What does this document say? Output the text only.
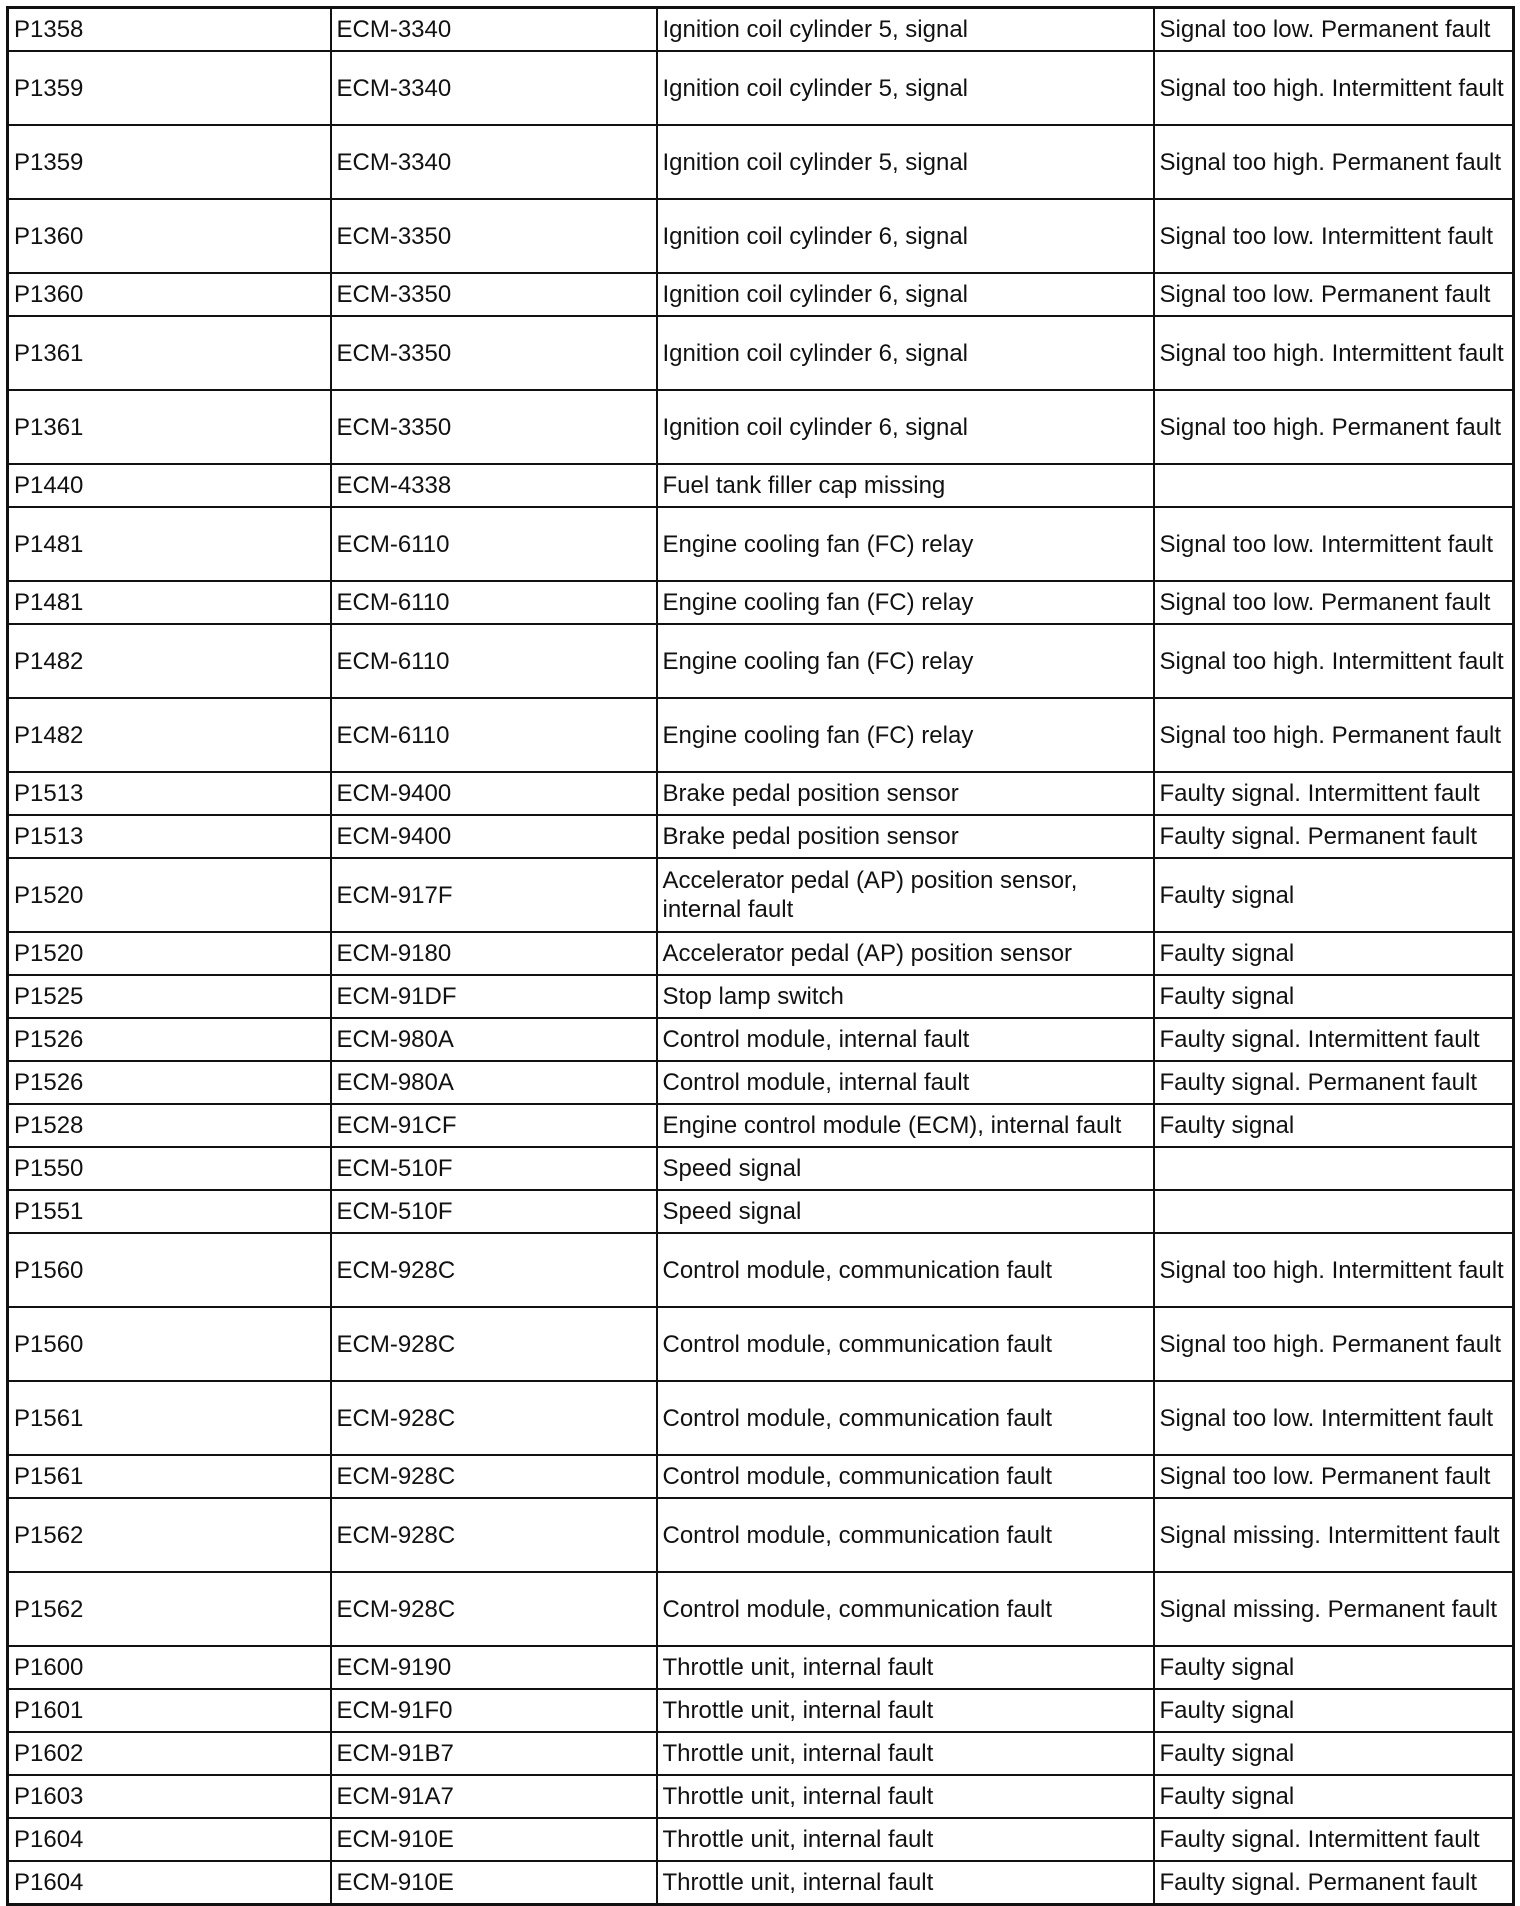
P1358	ECM-3340	Ignition coil cylinder 5, signal	Signal too low. Permanent fault
P1359	ECM-3340	Ignition coil cylinder 5, signal	Signal too high. Intermittent fault
P1359	ECM-3340	Ignition coil cylinder 5, signal	Signal too high. Permanent fault
P1360	ECM-3350	Ignition coil cylinder 6, signal	Signal too low. Intermittent fault
P1360	ECM-3350	Ignition coil cylinder 6, signal	Signal too low. Permanent fault
P1361	ECM-3350	Ignition coil cylinder 6, signal	Signal too high. Intermittent fault
P1361	ECM-3350	Ignition coil cylinder 6, signal	Signal too high. Permanent fault
P1440	ECM-4338	Fuel tank filler cap missing	
P1481	ECM-6110	Engine cooling fan (FC) relay	Signal too low. Intermittent fault
P1481	ECM-6110	Engine cooling fan (FC) relay	Signal too low. Permanent fault
P1482	ECM-6110	Engine cooling fan (FC) relay	Signal too high. Intermittent fault
P1482	ECM-6110	Engine cooling fan (FC) relay	Signal too high. Permanent fault
P1513	ECM-9400	Brake pedal position sensor	Faulty signal. Intermittent fault
P1513	ECM-9400	Brake pedal position sensor	Faulty signal. Permanent fault
P1520	ECM-917F	Accelerator pedal (AP) position sensor, internal fault	Faulty signal
P1520	ECM-9180	Accelerator pedal (AP) position sensor	Faulty signal
P1525	ECM-91DF	Stop lamp switch	Faulty signal
P1526	ECM-980A	Control module, internal fault	Faulty signal. Intermittent fault
P1526	ECM-980A	Control module, internal fault	Faulty signal. Permanent fault
P1528	ECM-91CF	Engine control module (ECM), internal fault	Faulty signal
P1550	ECM-510F	Speed signal	
P1551	ECM-510F	Speed signal	
P1560	ECM-928C	Control module, communication fault	Signal too high. Intermittent fault
P1560	ECM-928C	Control module, communication fault	Signal too high. Permanent fault
P1561	ECM-928C	Control module, communication fault	Signal too low. Intermittent fault
P1561	ECM-928C	Control module, communication fault	Signal too low. Permanent fault
P1562	ECM-928C	Control module, communication fault	Signal missing. Intermittent fault
P1562	ECM-928C	Control module, communication fault	Signal missing. Permanent fault
P1600	ECM-9190	Throttle unit, internal fault	Faulty signal
P1601	ECM-91F0	Throttle unit, internal fault	Faulty signal
P1602	ECM-91B7	Throttle unit, internal fault	Faulty signal
P1603	ECM-91A7	Throttle unit, internal fault	Faulty signal
P1604	ECM-910E	Throttle unit, internal fault	Faulty signal. Intermittent fault
P1604	ECM-910E	Throttle unit, internal fault	Faulty signal. Permanent fault
